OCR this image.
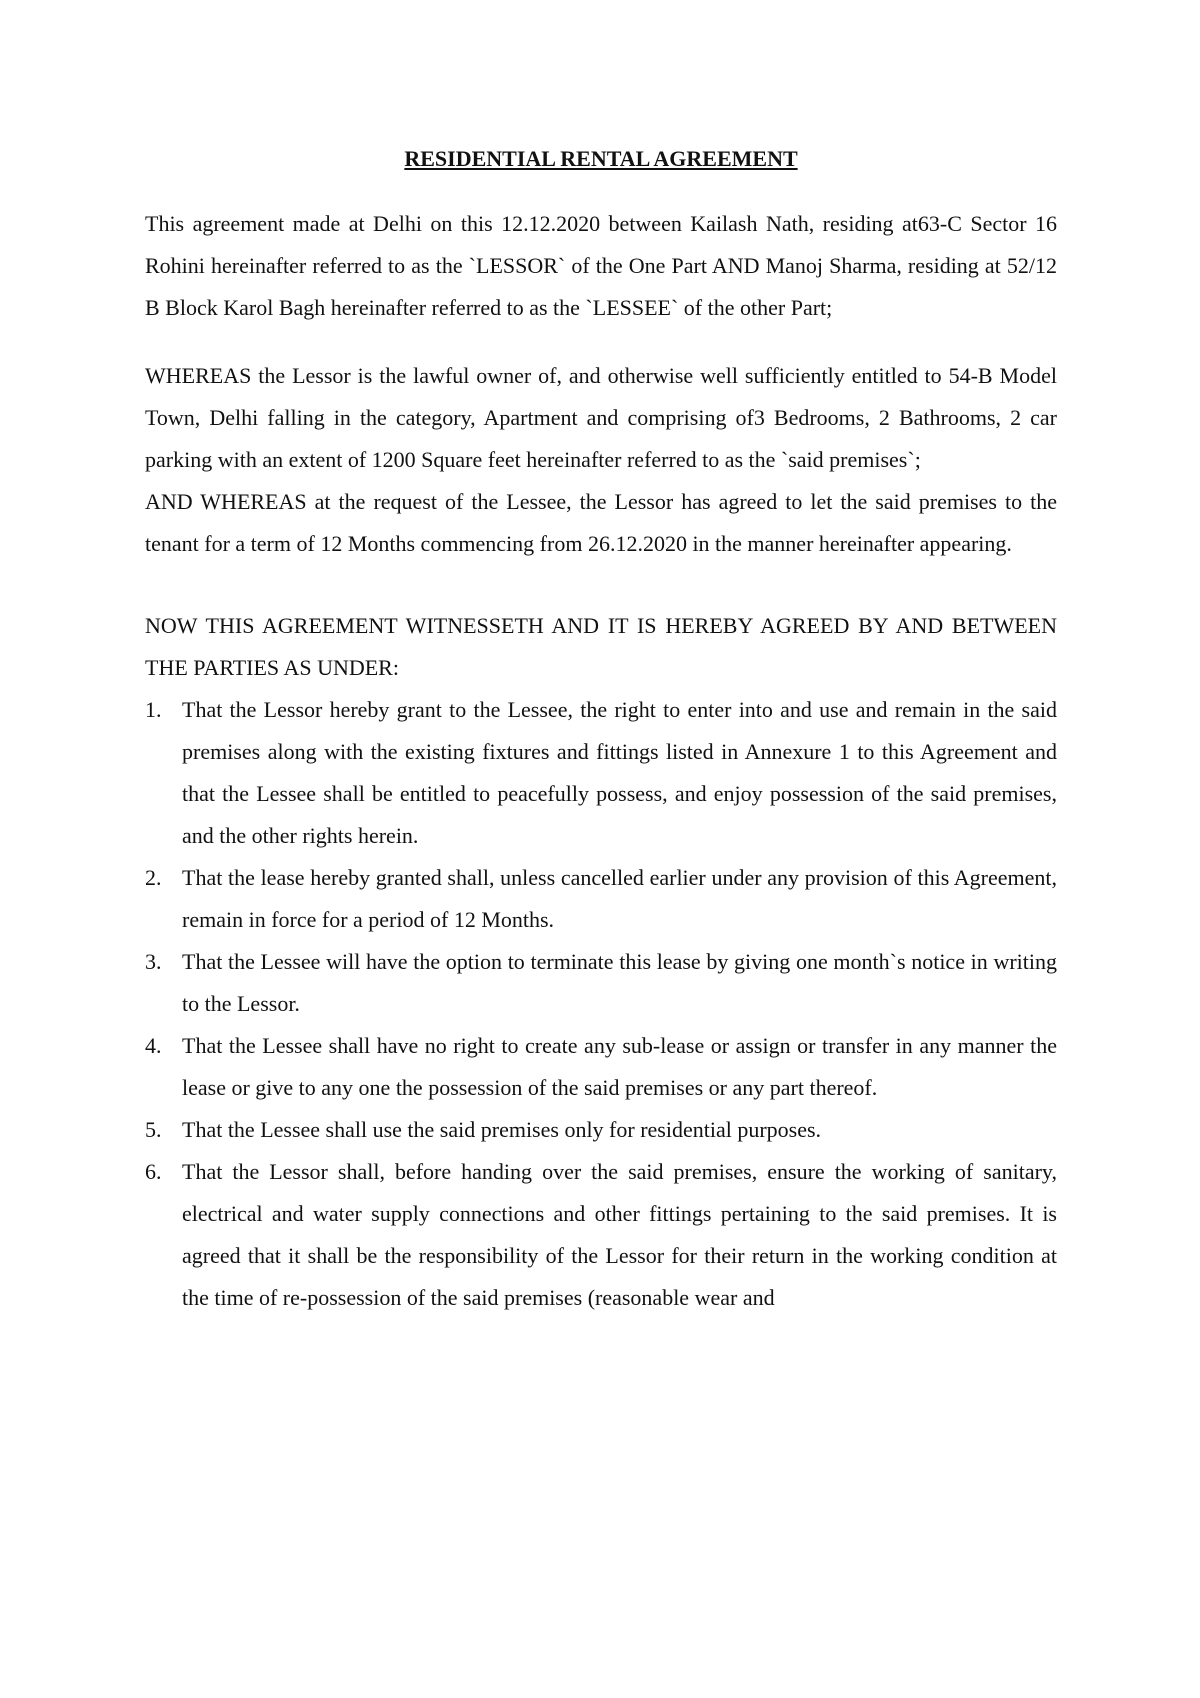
RESIDENTIAL RENTAL AGREEMENT

This agreement made at Delhi on this 12.12.2020 between Kailash Nath, residing at63-C Sector 16 Rohini hereinafter referred to as the `LESSOR` of the One Part AND Manoj Sharma, residing at 52/12 B Block Karol Bagh hereinafter referred to as the `LESSEE` of the other Part;

WHEREAS the Lessor is the lawful owner of, and otherwise well sufficiently entitled to 54-B Model Town, Delhi falling in the category, Apartment and comprising of3 Bedrooms, 2 Bathrooms, 2 car parking with an extent of 1200 Square feet hereinafter referred to as the `said premises`;

AND WHEREAS at the request of the Lessee, the Lessor has agreed to let the said premises to the tenant for a term of 12 Months commencing from 26.12.2020 in the manner hereinafter appearing.

NOW THIS AGREEMENT WITNESSETH AND IT IS HEREBY AGREED BY AND BETWEEN THE PARTIES AS UNDER:

1. That the Lessor hereby grant to the Lessee, the right to enter into and use and remain in the said premises along with the existing fixtures and fittings listed in Annexure 1 to this Agreement and that the Lessee shall be entitled to peacefully possess, and enjoy possession of the said premises, and the other rights herein.
2. That the lease hereby granted shall, unless cancelled earlier under any provision of this Agreement, remain in force for a period of 12 Months.
3. That the Lessee will have the option to terminate this lease by giving one month`s notice in writing to the Lessor.
4. That the Lessee shall have no right to create any sub-lease or assign or transfer in any manner the lease or give to any one the possession of the said premises or any part thereof.
5. That the Lessee shall use the said premises only for residential purposes.
6. That the Lessor shall, before handing over the said premises, ensure the working of sanitary, electrical and water supply connections and other fittings pertaining to the said premises. It is agreed that it shall be the responsibility of the Lessor for their return in the working condition at the time of re-possession of the said premises (reasonable wear and
